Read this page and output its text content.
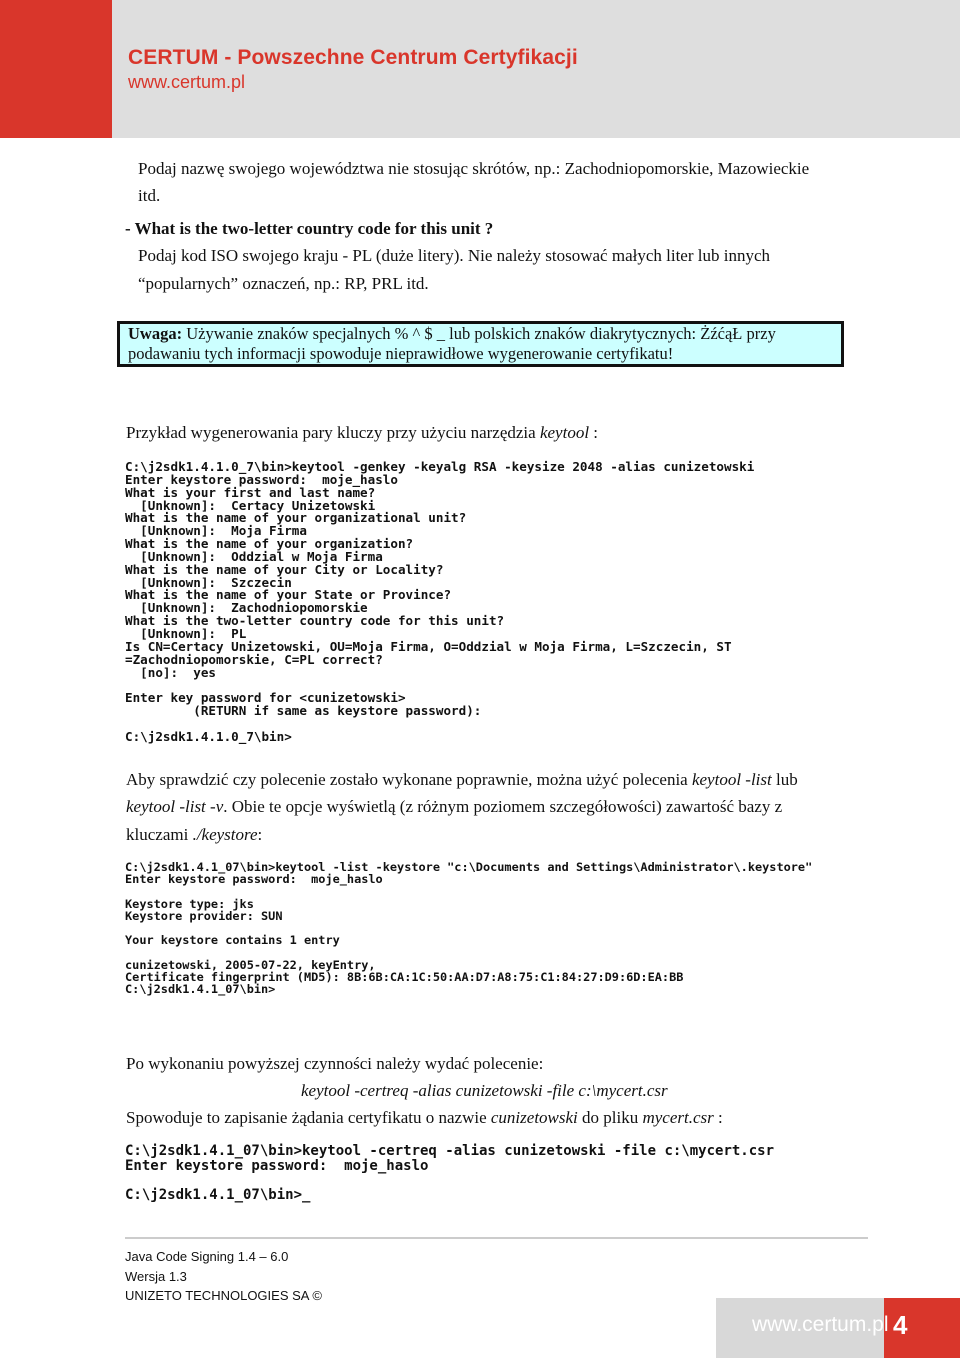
CERTUM - Powszechne Centrum Certyfikacji
www.certum.pl
Podaj nazwę swojego województwa nie stosując skrótów, np.: Zachodniopomorskie, Mazowieckie
itd.
- What is the two-letter country code for this unit ?
Podaj kod ISO swojego kraju - PL (duże litery). Nie należy stosować małych liter lub innych
“popularnych” oznaczeń, np.: RP, PRL itd.
Uwaga: Używanie znaków specjalnych % ^ $ _ lub polskich znaków diakrytycznych: ŻźćąŁ przy
podawaniu tych informacji spowoduje nieprawidłowe wygenerowanie certyfikatu!
Przykład wygenerowania pary kluczy przy użyciu narzędzia keytool :
C:\j2sdk1.4.1.0_7\bin>keytool -genkey -keyalg RSA -keysize 2048 -alias cunizetowski
Enter keystore password:  moje_haslo
What is your first and last name?
[Unknown]:  Certacy Unizetowski
What is the name of your organizational unit?
[Unknown]:  Moja Firma
What is the name of your organization?
[Unknown]:  Oddzial w Moja Firma
What is the name of your City or Locality?
[Unknown]:  Szczecin
What is the name of your State or Province?
[Unknown]:  Zachodniopomorskie
What is the two-letter country code for this unit?
[Unknown]:  PL
Is CN=Certacy Unizetowski, OU=Moja Firma, O=Oddzial w Moja Firma, L=Szczecin, ST
=Zachodniopomorskie, C=PL correct?
[no]:  yes

Enter key password for <cunizetowski>
(RETURN if same as keystore password):

C:\j2sdk1.4.1.0_7\bin>
Aby sprawdzić czy polecenie zostało wykonane poprawnie, można użyć polecenia keytool -list lub
keytool -list -v. Obie te opcje wyświetlą (z różnym poziomem szczegółowości) zawartość bazy z
kluczami ./keystore:
C:\j2sdk1.4.1_07\bin>keytool -list -keystore "c:\Documents and Settings\Administrator\.keystore"
Enter keystore password:  moje_haslo

Keystore type: jks
Keystore provider: SUN

Your keystore contains 1 entry

cunizetowski, 2005-07-22, keyEntry,
Certificate fingerprint (MD5): 8B:6B:CA:1C:50:AA:D7:A8:75:C1:84:27:D9:6D:EA:BB
C:\j2sdk1.4.1_07\bin>
Po wykonaniu powyższej czynności należy wydać polecenie:
keytool -certreq -alias cunizetowski -file c:\mycert.csr
Spowoduje to zapisanie żądania certyfikatu o nazwie cunizetowski do pliku mycert.csr :
C:\j2sdk1.4.1_07\bin>keytool -certreq -alias cunizetowski -file c:\mycert.csr
Enter keystore password:  moje_haslo

C:\j2sdk1.4.1_07\bin>_
Java Code Signing 1.4 – 6.0
Wersja 1.3
UNIZETO TECHNOLOGIES SA ©
www.certum.pl 4
